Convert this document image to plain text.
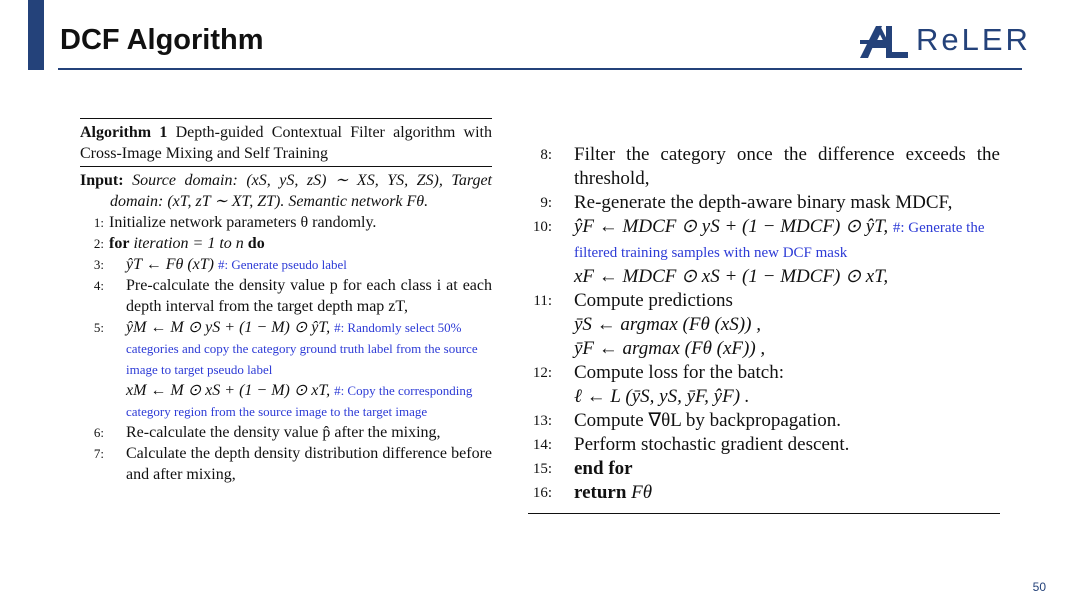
DCF Algorithm	ReLER
Algorithm 1 Depth-guided Contextual Filter algorithm with Cross-Image Mixing and Self Training
Input: Source domain: (xS, yS, zS) ∼ XS, YS, ZS), Target domain: (xT, zT ∼ XT, ZT). Semantic network Fθ.
1: Initialize network parameters θ randomly.
2: for iteration = 1 to n do
3: ŷT ← Fθ (xT) #: Generate pseudo label
4: Pre-calculate the density value p for each class i at each depth interval from the target depth map zT,
5: ŷM ← M ⊙ yS + (1 − M) ⊙ ŷT, #: Randomly select 50% categories and copy the category ground truth label from the source image to target pseudo label
xM ← M ⊙ xS + (1 − M) ⊙ xT, #: Copy the corresponding category region from the source image to the target image
6: Re-calculate the density value p̂ after the mixing,
7: Calculate the depth density distribution difference before and after mixing,
8: Filter the category once the difference exceeds the threshold,
9: Re-generate the depth-aware binary mask MDCF,
10: ŷF ← MDCF ⊙ yS + (1 − MDCF) ⊙ ŷT, #: Generate the filtered training samples with new DCF mask
xF ← MDCF ⊙ xS + (1 − MDCF) ⊙ xT,
11: Compute predictions
ȳS ← argmax (Fθ (xS)) ,
ȳF ← argmax (Fθ (xF)) ,
12: Compute loss for the batch:
ℓ ← L (ȳS, yS, ȳF, ŷF) .
13: Compute ∇θL by backpropagation.
14: Perform stochastic gradient descent.
15: end for
16: return Fθ
50
